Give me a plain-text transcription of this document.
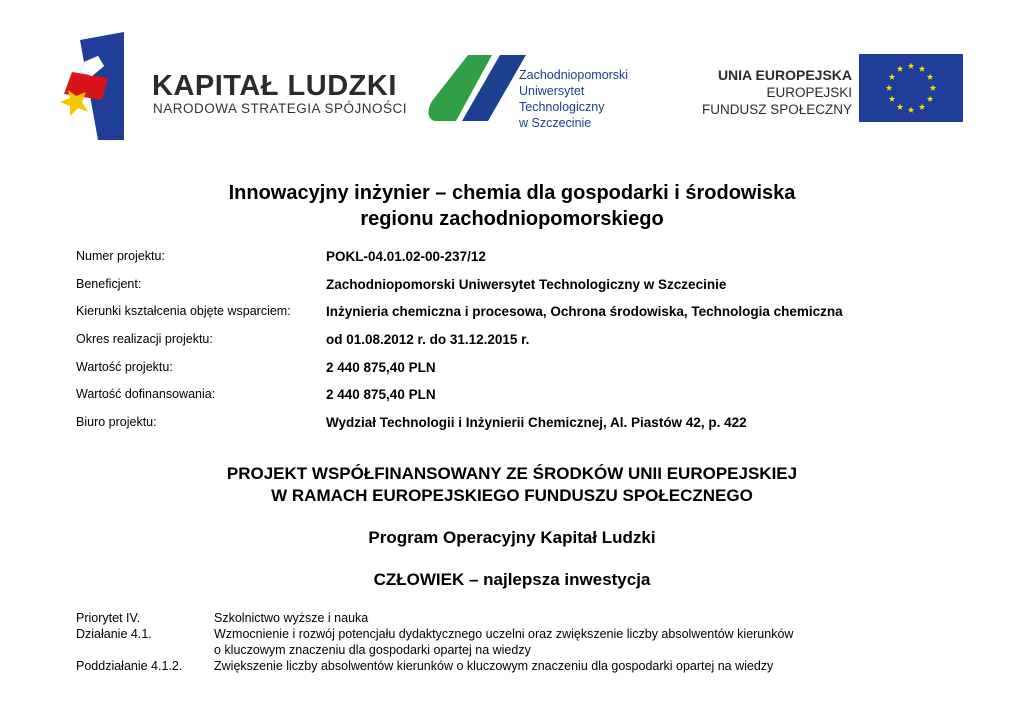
KAPITAŁ LUDZKI
NARODOWA STRATEGIA SPÓJNOŚCI
Zachodniopomorski
Uniwersytet
Technologiczny
w Szczecinie
UNIA EUROPEJSKA
EUROPEJSKI
FUNDUSZ SPOŁECZNY
Innowacyjny inżynier – chemia dla gospodarki i środowiska
regionu zachodniopomorskiego
Numer projektu:	POKL-04.01.02-00-237/12
Beneficjent:	Zachodniopomorski Uniwersytet Technologiczny w Szczecinie
Kierunki kształcenia objęte wsparciem:	Inżynieria chemiczna i procesowa, Ochrona środowiska, Technologia chemiczna
Okres realizacji projektu:	od 01.08.2012 r. do 31.12.2015 r.
Wartość projektu:	2 440 875,40 PLN
Wartość dofinansowania:	2 440 875,40 PLN
Biuro projektu:	Wydział Technologii i Inżynierii Chemicznej, Al. Piastów 42, p. 422
PROJEKT WSPÓŁFINANSOWANY ZE ŚRODKÓW UNII EUROPEJSKIEJ
W RAMACH EUROPEJSKIEGO FUNDUSZU SPOŁECZNEGO
Program Operacyjny Kapitał Ludzki
CZŁOWIEK – najlepsza inwestycja
Priorytet IV.	Szkolnictwo wyższe i nauka
Działanie 4.1.	Wzmocnienie i rozwój potencjału dydaktycznego uczelni oraz zwiększenie liczby absolwentów kierunków
o kluczowym znaczeniu dla gospodarki opartej na wiedzy
Poddziałanie 4.1.2.	Zwiększenie liczby absolwentów kierunków o kluczowym znaczeniu dla gospodarki opartej na wiedzy
